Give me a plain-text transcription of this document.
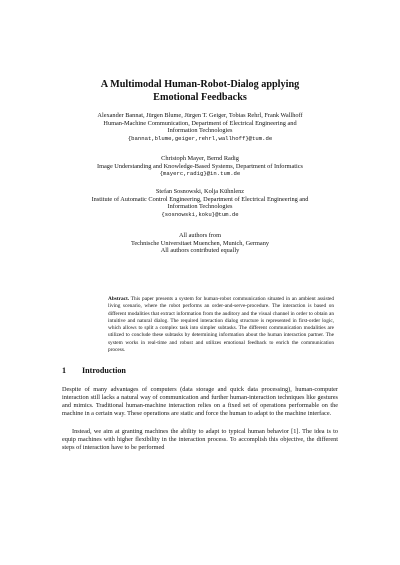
A Multimodal Human-Robot-Dialog applying
Emotional Feedbacks
Alexander Bannat, Jürgen Blume, Jürgen T. Geiger, Tobias Rehrl, Frank Wallhoff
Human-Machine Communication, Department of Electrical Engineering and
Information Technologies
{bannat,blume,geiger,rehrl,wallhoff}@tum.de
Christoph Mayer, Bernd Radig
Image Understanding and Knowledge-Based Systems, Department of Informatics
{mayerc,radig}@in.tum.de
Stefan Sosnowski, Kolja Kühnlenz
Institute of Automatic Control Engineering, Department of Electrical Engineering and
Information Technologies
{sosnowski,koku}@tum.de
All authors from
Technische Universitaet Muenchen, Munich, Germany
All authors contributed equally
Abstract. This paper presents a system for human-robot communication situated in an ambient assisted living scenario, where the robot performs an order-and-serve-procedure. The interaction is based on different modalities that extract information from the auditory and the visual channel in order to obtain an intuitive and natural dialog. The required interaction dialog structure is represented in first-order logic, which allows to split a complex task into simpler subtasks. The different communication modalities are utilized to conclude these subtasks by determining information about the human interaction partner. The system works in real-time and robust and utilizes emotional feedback to enrich the communication process.
1 Introduction
Despite of many advantages of computers (data storage and quick data processing), human-computer interaction still lacks a natural way of communication and further human-interaction techniques like gestures and mimics. Traditional human-machine interaction relies on a fixed set of operations performable on the machine in a certain way. These operations are static and force the human to adapt to the machine interface.
Instead, we aim at granting machines the ability to adapt to typical human behavior [1]. The idea is to equip machines with higher flexibility in the interaction process. To accomplish this objective, the different steps of interaction have to be performed
